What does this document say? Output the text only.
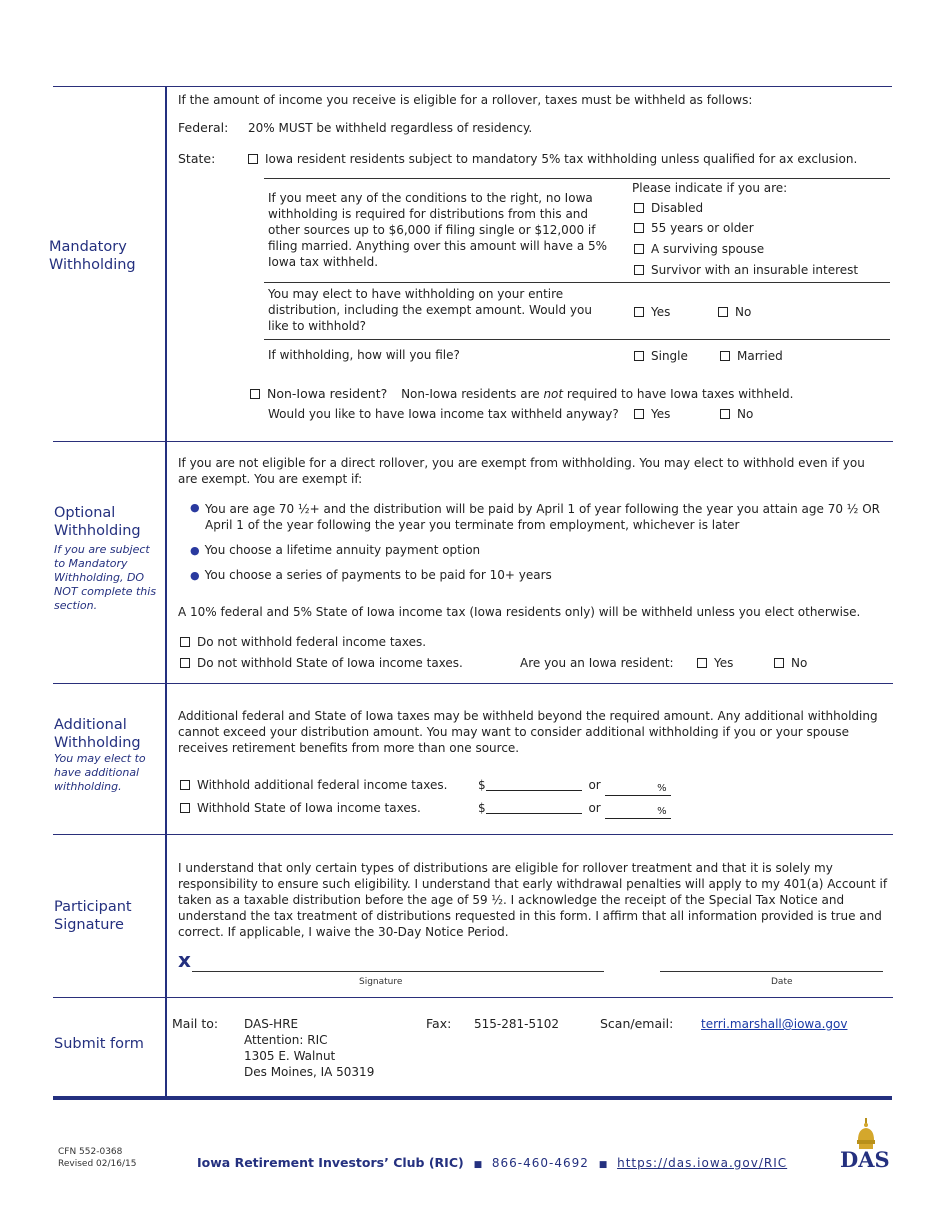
Mandatory
Withholding
If the amount of income you receive is eligible for a rollover, taxes must be withheld as follows:
Federal: 20% MUST be withheld regardless of residency.
State:	Iowa resident residents subject to mandatory 5% tax withholding unless qualified for ax exclusion.
If you meet any of the conditions to the right, no Iowa withholding is required for distributions from this and other sources up to $6,000 if filing single or $12,000 if filing married. Anything over this amount will have a 5% Iowa tax withheld.
Please indicate if you are:
Disabled
55 years or older
A surviving spouse
Survivor with an insurable interest
You may elect to have withholding on your entire distribution, including the exempt amount. Would you like to withhold?
Yes	No
If withholding, how will you file?	Single	Married
Non-Iowa resident? Non-Iowa residents are not required to have Iowa taxes withheld.
Would you like to have Iowa income tax withheld anyway?	Yes	No
Optional
Withholding
If you are subject to Mandatory Withholding, DO NOT complete this section.
If you are not eligible for a direct rollover, you are exempt from withholding. You may elect to withhold even if you are exempt. You are exempt if:
● You are age 70 ½+ and the distribution will be paid by April 1 of year following the year you attain age 70 ½ OR April 1 of the year following the year you terminate from employment, whichever is later
● You choose a lifetime annuity payment option
● You choose a series of payments to be paid for 10+ years
A 10% federal and 5% State of Iowa income tax (Iowa residents only) will be withheld unless you elect otherwise.
Do not withhold federal income taxes.
Do not withhold State of Iowa income taxes.	Are you an Iowa resident:	Yes	No
Additional
Withholding
You may elect to have additional withholding.
Additional federal and State of Iowa taxes may be withheld beyond the required amount. Any additional withholding cannot exceed your distribution amount. You may want to consider additional withholding if you or your spouse receives retirement benefits from more than one source.
Withhold additional federal income taxes.	$	or	%
Withhold State of Iowa income taxes.	$	or	%
Participant
Signature
I understand that only certain types of distributions are eligible for rollover treatment and that it is solely my responsibility to ensure such eligibility. I understand that early withdrawal penalties will apply to my 401(a) Account if taken as a taxable distribution before the age of 59 ½. I acknowledge the receipt of the Special Tax Notice and understand the tax treatment of distributions requested in this form. I affirm that all information provided is true and correct. If applicable, I waive the 30-Day Notice Period.
x
Signature	Date
Submit form
Mail to: DAS-HRE
Attention: RIC
1305 E. Walnut
Des Moines, IA 50319
Fax: 515-281-5102	Scan/email: terri.marshall@iowa.gov
CFN 552-0368
Revised 02/16/15	Iowa Retirement Investors’ Club (RIC) ■ 866-460-4692 ■ https://das.iowa.gov/RIC	DAS
